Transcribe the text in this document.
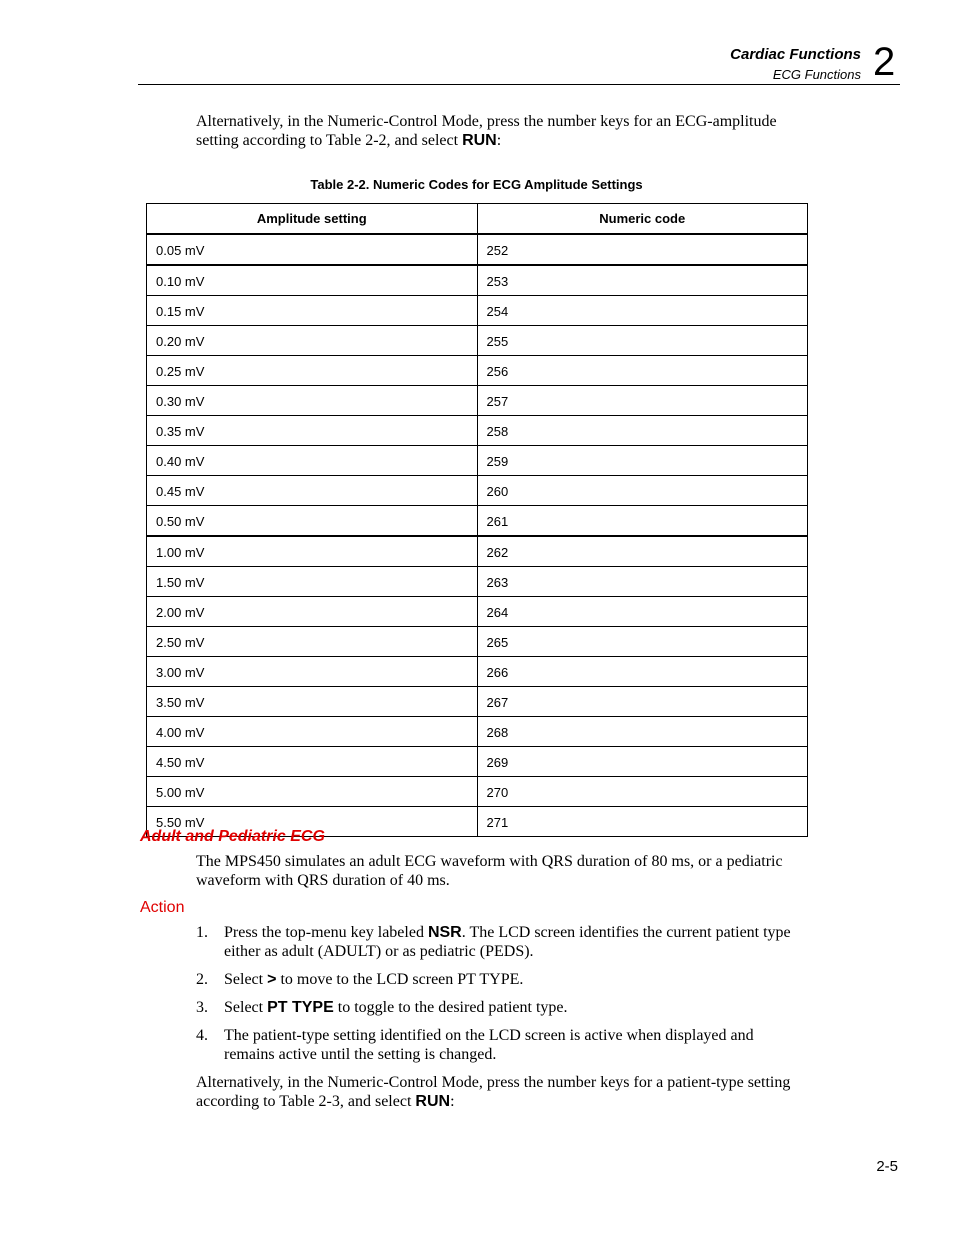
Cardiac Functions
ECG Functions 2

Alternatively, in the Numeric-Control Mode, press the number keys for an ECG-amplitude setting according to Table 2-2, and select RUN:

Table 2-2. Numeric Codes for ECG Amplitude Settings
Amplitude setting	Numeric code
0.05 mV	252
0.10 mV	253
0.15 mV	254
0.20 mV	255
0.25 mV	256
0.30 mV	257
0.35 mV	258
0.40 mV	259
0.45 mV	260
0.50 mV	261
1.00 mV	262
1.50 mV	263
2.00 mV	264
2.50 mV	265
3.00 mV	266
3.50 mV	267
4.00 mV	268
4.50 mV	269
5.00 mV	270
5.50 mV	271
Adult and Pediatric ECG

The MPS450 simulates an adult ECG waveform with QRS duration of 80 ms, or a pediatric waveform with QRS duration of 40 ms.

Action
1. Press the top-menu key labeled NSR. The LCD screen identifies the current patient type either as adult (ADULT) or as pediatric (PEDS).
2. Select > to move to the LCD screen PT TYPE.
3. Select PT TYPE to toggle to the desired patient type.
4. The patient-type setting identified on the LCD screen is active when displayed and remains active until the setting is changed.

Alternatively, in the Numeric-Control Mode, press the number keys for a patient-type setting according to Table 2-3, and select RUN:

2-5
